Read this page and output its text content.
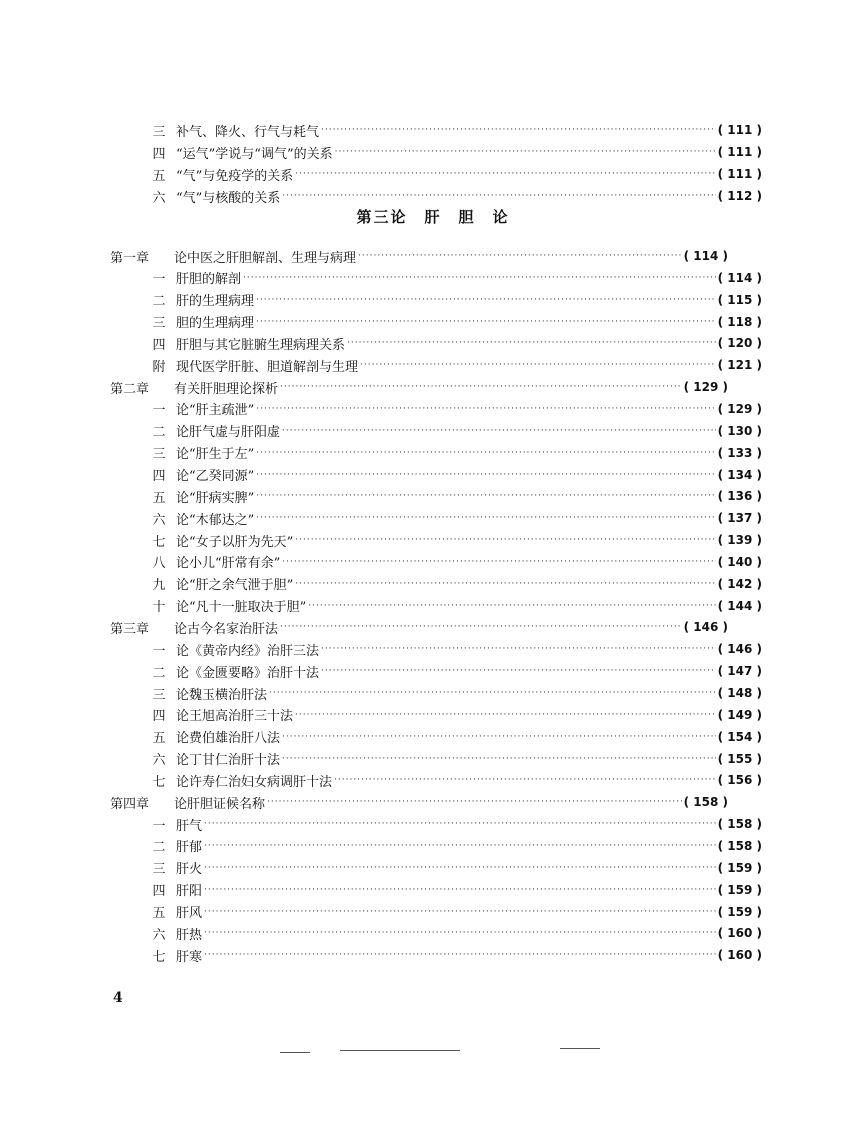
三 补气、降火、行气与耗气 ·····	( 111 )
四 “运气”学说与“调气”的关系 ·····	( 111 )
五 “气”与免疫学的关系 ·····	( 111 )
六 “气”与核酸的关系 ·····	( 112 )
第一章	论中医之肝胆解剖、生理与病理 ·····	( 114 )
一 肝胆的解剖 ·····	( 114 )
二 肝的生理病理 ·····	( 115 )
三 胆的生理病理 ·····	( 118 )
四 肝胆与其它脏腑生理病理关系 ·····	( 120 )
附 现代医学肝脏、胆道解剖与生理 ·····	( 121 )
第二章	有关肝胆理论探析 ·····	( 129 )
一 论“肝主疏泄” ·····	( 129 )
二 论肝气虚与肝阳虚 ·····	( 130 )
三 论“肝生于左” ·····	( 133 )
四 论“乙癸同源” ·····	( 134 )
五 论“肝病实脾” ·····	( 136 )
六 论“木郁达之” ·····	( 137 )
七 论“女子以肝为先天” ·····	( 139 )
八 论小儿“肝常有余” ·····	( 140 )
九 论“肝之余气泄于胆” ·····	( 142 )
十 论“凡十一脏取决于胆” ·····	( 144 )
第三章	论古今名家治肝法 ·····	( 146 )
一 论《黄帝内经》治肝三法 ·····	( 146 )
二 论《金匮要略》治肝十法 ·····	( 147 )
三 论魏玉横治肝法 ·····	( 148 )
四 论王旭高治肝三十法 ·····	( 149 )
五 论费伯雄治肝八法 ·····	( 154 )
六 论丁甘仁治肝十法 ·····	( 155 )
七 论许寿仁治妇女病调肝十法 ·····	( 156 )
第四章	论肝胆证候名称 ·····	( 158 )
一 肝气 ·····	( 158 )
二 肝郁 ·····	( 158 )
三 肝火 ·····	( 159 )
四 肝阳 ·····	( 159 )
五 肝风 ·····	( 159 )
六 肝热 ·····	( 160 )
七 肝寒 ·····	( 160 )
第三论　肝　胆　论
4
